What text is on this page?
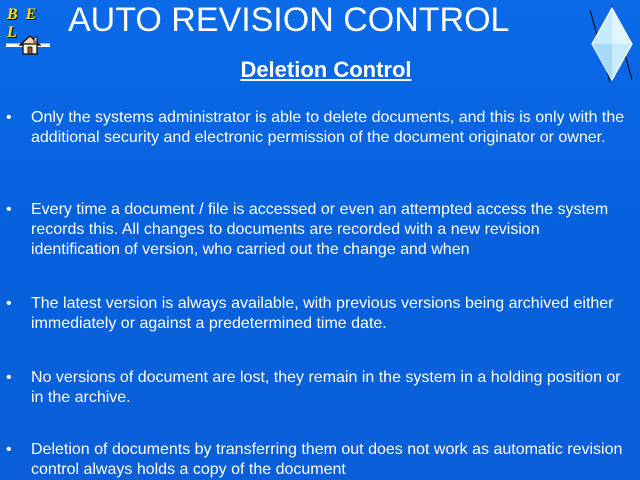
B E L	AUTO REVISION CONTROL
Deletion Control
• Only the systems administrator is able to delete documents, and this is only with the additional security and electronic permission of the document originator or owner.
• Every time a document / file is accessed or even an attempted access the system records this. All changes to documents are recorded with a new revision identification of version, who carried out the change and when
• The latest version is always available, with previous versions being archived either immediately or against a predetermined time date.
• No versions of document are lost, they remain in the system in a holding position or in the archive.
• Deletion of documents by transferring them out does not work as automatic revision control always holds a copy of the document
